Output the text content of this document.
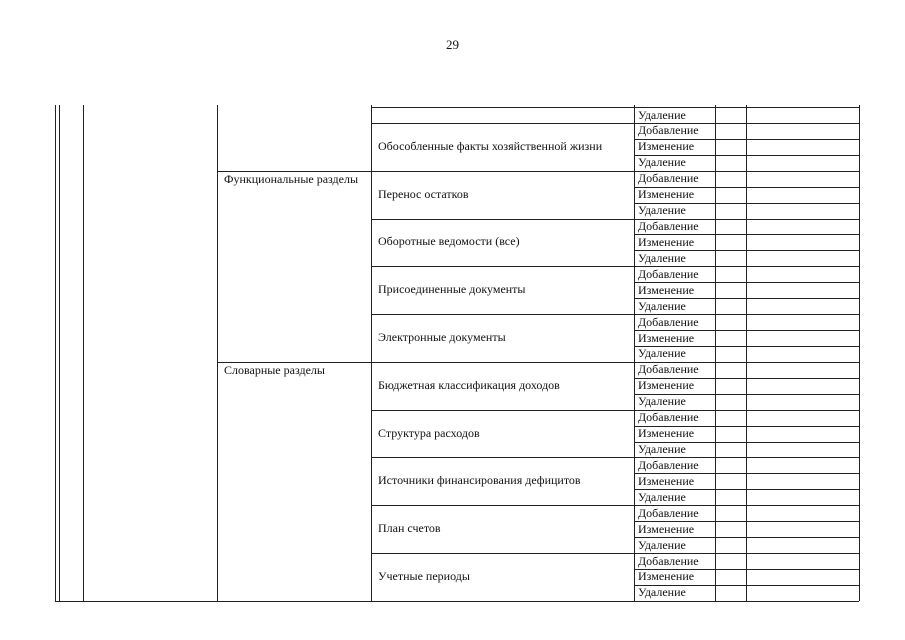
29
Удаление
Обособленные факты хозяйственной жизни
Добавление
Изменение
Удаление
Функциональные разделы
Перенос остатков
Добавление
Изменение
Удаление
Оборотные ведомости (все)
Добавление
Изменение
Удаление
Присоединенные документы
Добавление
Изменение
Удаление
Электронные документы
Добавление
Изменение
Удаление
Словарные разделы
Бюджетная классификация доходов
Добавление
Изменение
Удаление
Структура расходов
Добавление
Изменение
Удаление
Источники финансирования дефицитов
Добавление
Изменение
Удаление
План счетов
Добавление
Изменение
Удаление
Учетные периоды
Добавление
Изменение
Удаление
